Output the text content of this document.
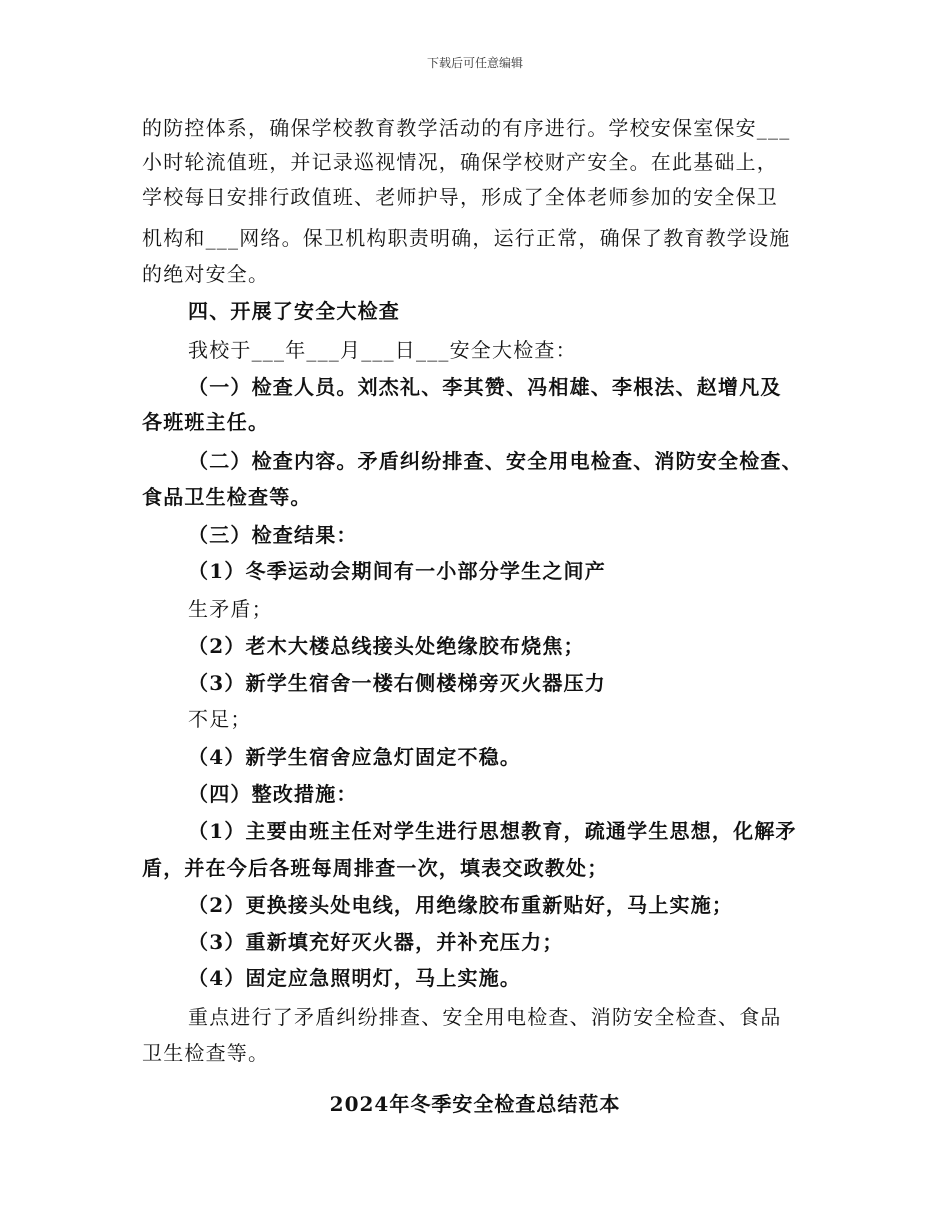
下载后可任意编辑
的防控体系，确保学校教育教学活动的有序进行。学校安保室保安___
小时轮流值班，并记录巡视情况，确保学校财产安全。在此基础上，
学校每日安排行政值班、老师护导，形成了全体老师参加的安全保卫
机构和___网络。保卫机构职责明确，运行正常，确保了教育教学设施
的绝对安全。
四、开展了安全大检查
我校于___年___月___日___安全大检查：
（一）检查人员。刘杰礼、李其赞、冯相雄、李根法、赵增凡及
各班班主任。
（二）检查内容。矛盾纠纷排查、安全用电检查、消防安全检查、
食品卫生检查等。
（三）检查结果：
（1）冬季运动会期间有一小部分学生之间产
生矛盾；
（2）老木大楼总线接头处绝缘胶布烧焦；
（3）新学生宿舍一楼右侧楼梯旁灭火器压力
不足；
（4）新学生宿舍应急灯固定不稳。
（四）整改措施：
（1）主要由班主任对学生进行思想教育，疏通学生思想，化解矛
盾，并在今后各班每周排查一次，填表交政教处；
（2）更换接头处电线，用绝缘胶布重新贴好，马上实施；
（3）重新填充好灭火器，并补充压力；
（4）固定应急照明灯，马上实施。
重点进行了矛盾纠纷排查、安全用电检查、消防安全检查、食品
卫生检查等。
2024年冬季安全检查总结范本
